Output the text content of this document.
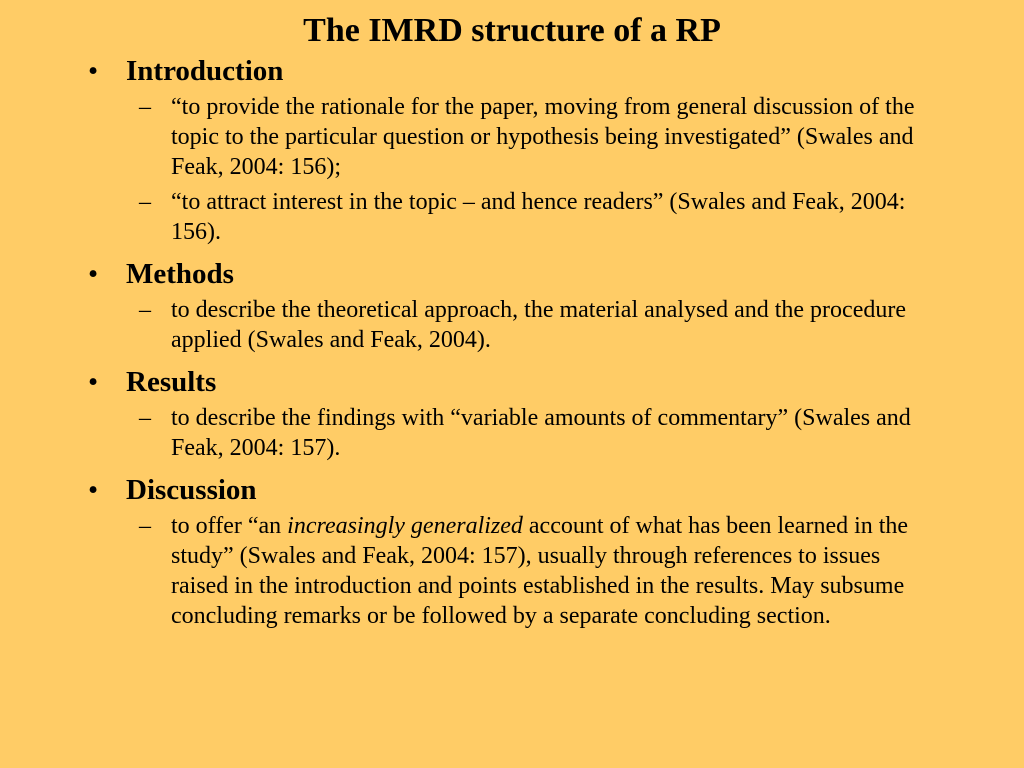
The IMRD structure of a RP
• Introduction
– “to provide the rationale for the paper, moving from general discussion of the topic to the particular question or hypothesis being investigated” (Swales and Feak, 2004: 156);
– “to attract interest in the topic – and hence readers” (Swales and Feak, 2004: 156).
• Methods
– to describe the theoretical approach, the material analysed and the procedure applied (Swales and Feak, 2004).
• Results
– to describe the findings with “variable amounts of commentary” (Swales and Feak, 2004: 157).
• Discussion
– to offer “an increasingly generalized account of what has been learned in the study” (Swales and Feak, 2004: 157), usually through references to issues raised in the introduction and points established in the results. May subsume concluding remarks or be followed by a separate concluding section.
